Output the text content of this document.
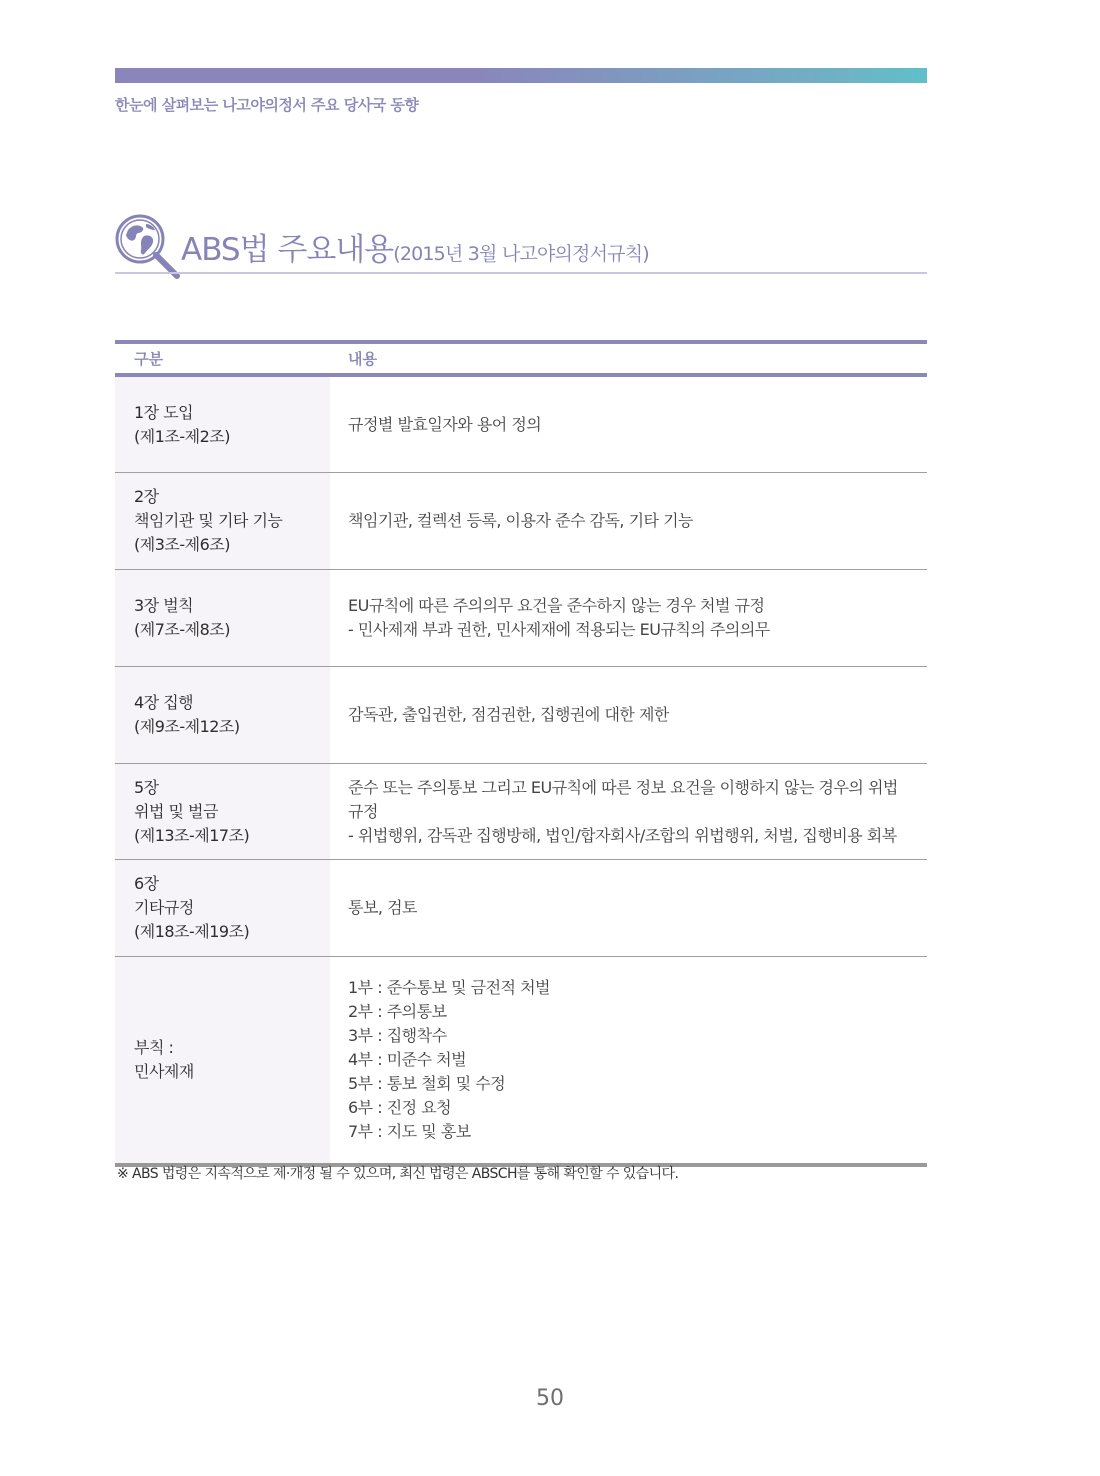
한눈에 살펴보는 나고야의정서 주요 당사국 동향
ABS법 주요내용(2015년 3월 나고야의정서규칙)
구분	내용
1장 도입
(제1조-제2조)
규정별 발효일자와 용어 정의
2장
책임기관 및 기타 기능
(제3조-제6조)
책임기관, 컬렉션 등록, 이용자 준수 감독, 기타 기능
3장 벌칙
(제7조-제8조)
EU규칙에 따른 주의의무 요건을 준수하지 않는 경우 처벌 규정
- 민사제재 부과 권한, 민사제재에 적용되는 EU규칙의 주의의무
4장 집행
(제9조-제12조)
감독관, 출입권한, 점검권한, 집행권에 대한 제한
5장
위법 및 벌금
(제13조-제17조)
준수 또는 주의통보 그리고 EU규칙에 따른 정보 요건을 이행하지 않는 경우의 위법
규정
- 위법행위, 감독관 집행방해, 법인/합자회사/조합의 위법행위, 처벌, 집행비용 회복
6장
기타규정
(제18조-제19조)
통보, 검토
부칙 :
민사제재
1부 : 준수통보 및 금전적 처벌
2부 : 주의통보
3부 : 집행착수
4부 : 미준수 처벌
5부 : 통보 철회 및 수정
6부 : 진정 요청
7부 : 지도 및 홍보
※ ABS 법령은 지속적으로 제·개정 될 수 있으며, 최신 법령은 ABSCH를 통해 확인할 수 있습니다.
50
